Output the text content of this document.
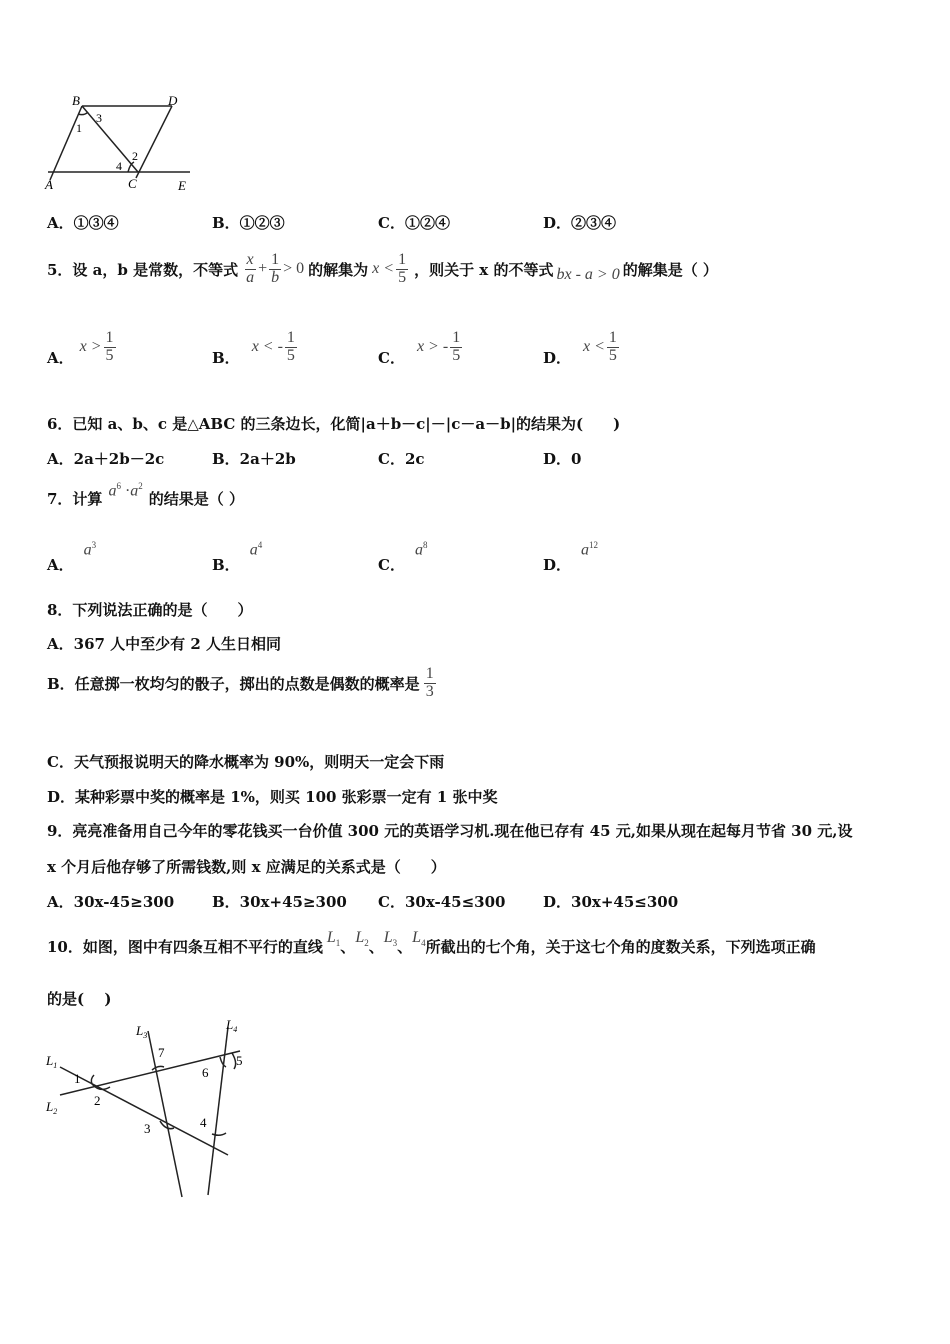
B	D
A	C	E
1
3
4
2
A．①③④	B．①②③	C．①②④	D．②③④
5．设 a，b 是常数，不等式 $\frac{x}{a} + \frac{1}{b} > 0$ 的解集为 $x < \frac{1}{5}$ ，则关于 x 的不等式 bx - a > 0 的解集是（ ）
A．
$x > \frac{1}{5}$	B．
x < - $\frac{1}{5}$	C．
x > - $\frac{1}{5}$	D．
$x < \frac{1}{5}$
6．已知 a、b、c 是△ABC 的三条边长，化简|a＋b－c|－|c－a－b|的结果为(　　)
A．2a＋2b－2c	B．2a＋2b	C．2c	D．0
7．计算 $a^6 \cdot a^2$
的结果是（ ）
A．
$a^3$
B．
$a^4$
C．
$a^8$
D．
$a^{12}$
8．下列说法正确的是（　　）
A．367 人中至少有 2 人生日相同
B．任意掷一枚均匀的骰子，掷出的点数是偶数的概率是 $\frac{1}{3}$
C．天气预报说明天的降水概率为 90%，则明天一定会下雨
D．某种彩票中奖的概率是 1%，则买 100 张彩票一定有 1 张中奖
9．亮亮准备用自己今年的零花钱买一台价值 300 元的英语学习机.现在他已存有 45 元,如果从现在起每月节省 30 元,设
x 个月后他存够了所需钱数,则 x 应满足的关系式是（　　）
A．30x-45≥300	B．30x+45≥300 C．30x-45≤300	D．30x+45≤300
10．如图，图中有四条互相不平行的直线
$L_1$ 、
$L_2$ 、
$L_3$ 、
$L_4$ 所截出的七个角，关于这七个角的度数关系，下列选项正确
的是(　 )
$L_1$
$L_2$
$L_3$
$L_4$
1
2
3	4
5
6
7
